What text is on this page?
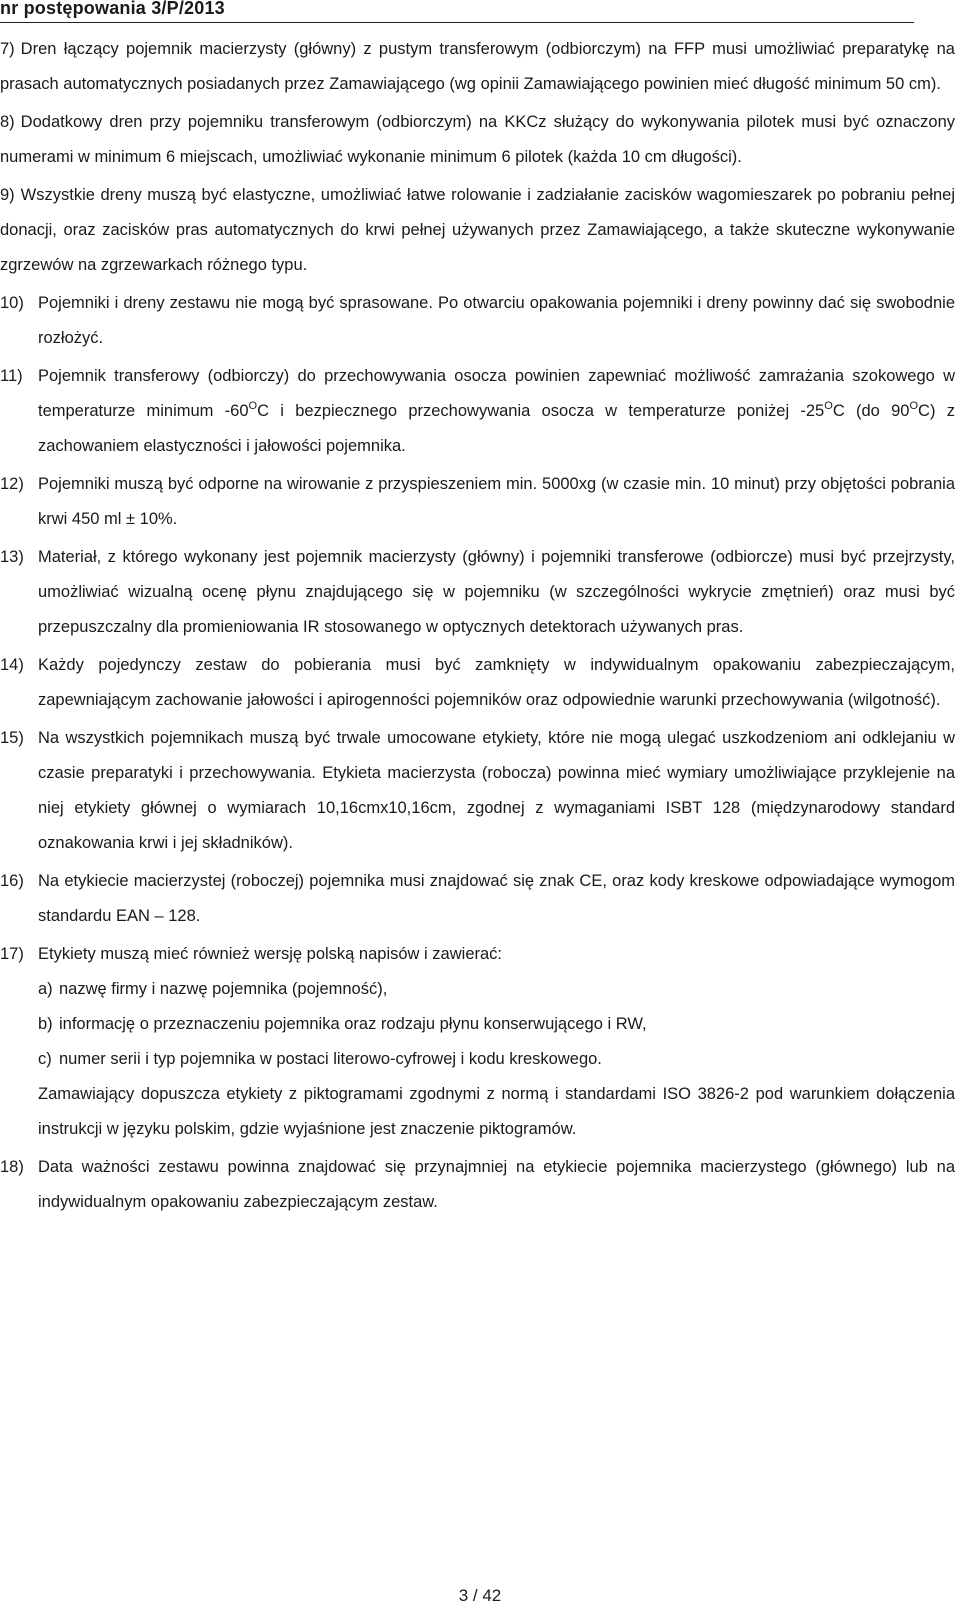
nr postępowania 3/P/2013
7) Dren łączący pojemnik macierzysty (główny) z pustym transferowym (odbiorczym) na FFP musi umożliwiać preparatykę na prasach automatycznych posiadanych przez Zamawiającego (wg opinii Zamawiającego powinien mieć długość minimum 50 cm).
8) Dodatkowy dren przy pojemniku transferowym (odbiorczym) na KKCz służący do wykonywania pilotek musi być oznaczony numerami w minimum 6 miejscach, umożliwiać wykonanie minimum 6 pilotek (każda 10 cm długości).
9) Wszystkie dreny muszą być elastyczne, umożliwiać łatwe rolowanie i zadziałanie zacisków wagomieszarek po pobraniu pełnej donacji, oraz zacisków pras automatycznych do krwi pełnej używanych przez Zamawiającego, a także skuteczne wykonywanie zgrzewów na zgrzewarkach różnego typu.
10) Pojemniki i dreny zestawu nie mogą być sprasowane. Po otwarciu opakowania pojemniki i dreny powinny dać się swobodnie rozłożyć.
11) Pojemnik transferowy (odbiorczy) do przechowywania osocza powinien zapewniać możliwość zamrażania szokowego w temperaturze minimum $-60^OC$ i bezpiecznego przechowywania osocza w temperaturze poniżej $-25^OC$ (do $90^OC$) z zachowaniem elastyczności i jałowości pojemnika.
12) Pojemniki muszą być odporne na wirowanie z przyspieszeniem min. 5000xg (w czasie min. 10 minut) przy objętości pobrania krwi 450 ml ± 10%.
13) Materiał, z którego wykonany jest pojemnik macierzysty (główny) i pojemniki transferowe (odbiorcze) musi być przejrzysty, umożliwiać wizualną ocenę płynu znajdującego się w pojemniku (w szczególności wykrycie zmętnień) oraz musi być przepuszczalny dla promieniowania IR stosowanego w optycznych detektorach używanych pras.
14) Każdy pojedynczy zestaw do pobierania musi być zamknięty w indywidualnym opakowaniu zabezpieczającym, zapewniającym zachowanie jałowości i apirogenności pojemników oraz odpowiednie warunki przechowywania (wilgotność).
15) Na wszystkich pojemnikach muszą być trwale umocowane etykiety, które nie mogą ulegać uszkodzeniom ani odklejaniu w czasie preparatyki i przechowywania. Etykieta macierzysta (robocza) powinna mieć wymiary umożliwiające przyklejenie na niej etykiety głównej o wymiarach 10,16cmx10,16cm, zgodnej z wymaganiami ISBT 128 (międzynarodowy standard oznakowania krwi i jej składników).
16) Na etykiecie macierzystej (roboczej) pojemnika musi znajdować się znak CE, oraz kody kreskowe odpowiadające wymogom standardu EAN – 128.
17) Etykiety muszą mieć również wersję polską napisów i zawierać:
a) nazwę firmy i nazwę pojemnika (pojemność),
b) informację o przeznaczeniu pojemnika oraz rodzaju płynu konserwującego i RW,
c) numer serii i typ pojemnika w postaci literowo-cyfrowej i kodu kreskowego.
Zamawiający dopuszcza etykiety z piktogramami zgodnymi z normą i standardami ISO 3826-2 pod warunkiem dołączenia instrukcji w języku polskim, gdzie wyjaśnione jest znaczenie piktogramów.
18) Data ważności zestawu powinna znajdować się przynajmniej na etykiecie pojemnika macierzystego (głównego) lub na indywidualnym opakowaniu zabezpieczającym zestaw.
3 / 42
